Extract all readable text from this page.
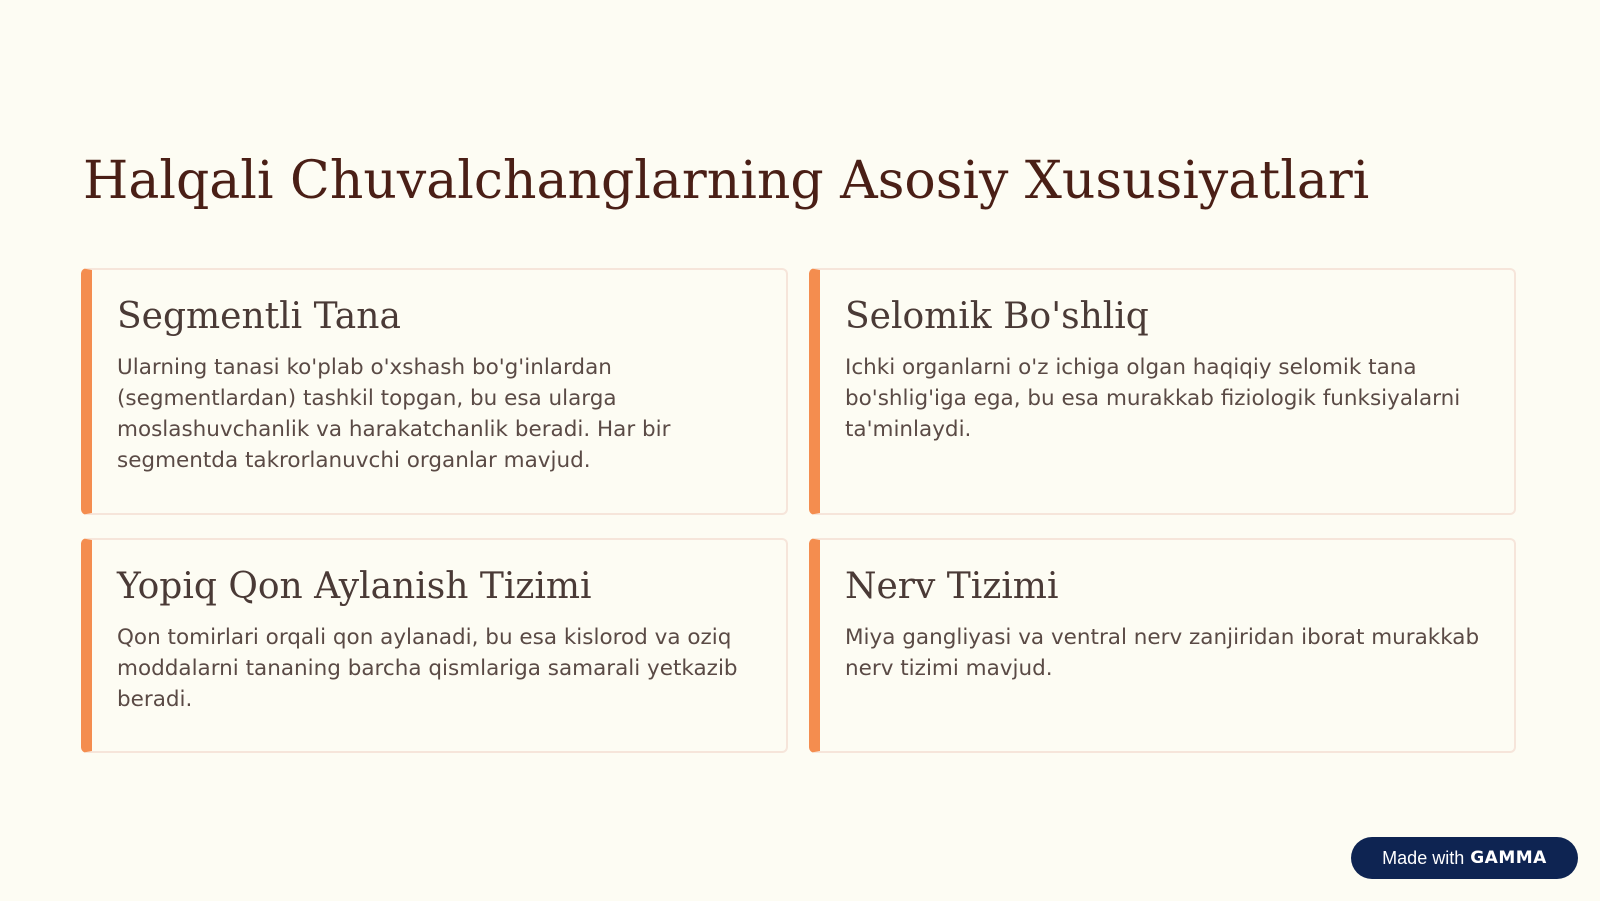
Halqali Chuvalchanglarning Asosiy Xususiyatlari
Segmentli Tana

Ularning tanasi ko'plab o'xshash bo'g'inlardan (segmentlardan) tashkil topgan, bu esa ularga moslashuvchanlik va harakatchanlik beradi. Har bir segmentda takrorlanuvchi organlar mavjud.

Selomik Bo'shliq

Ichki organlarni o'z ichiga olgan haqiqiy selomik tana bo'shlig'iga ega, bu esa murakkab fiziologik funksiyalarni ta'minlaydi.

Yopiq Qon Aylanish Tizimi

Qon tomirlari orqali qon aylanadi, bu esa kislorod va oziq moddalarni tananing barcha qismlariga samarali yetkazib beradi.

Nerv Tizimi

Miya gangliyasi va ventral nerv zanjiridan iborat murakkab nerv tizimi mavjud.

Made with GAMMA
